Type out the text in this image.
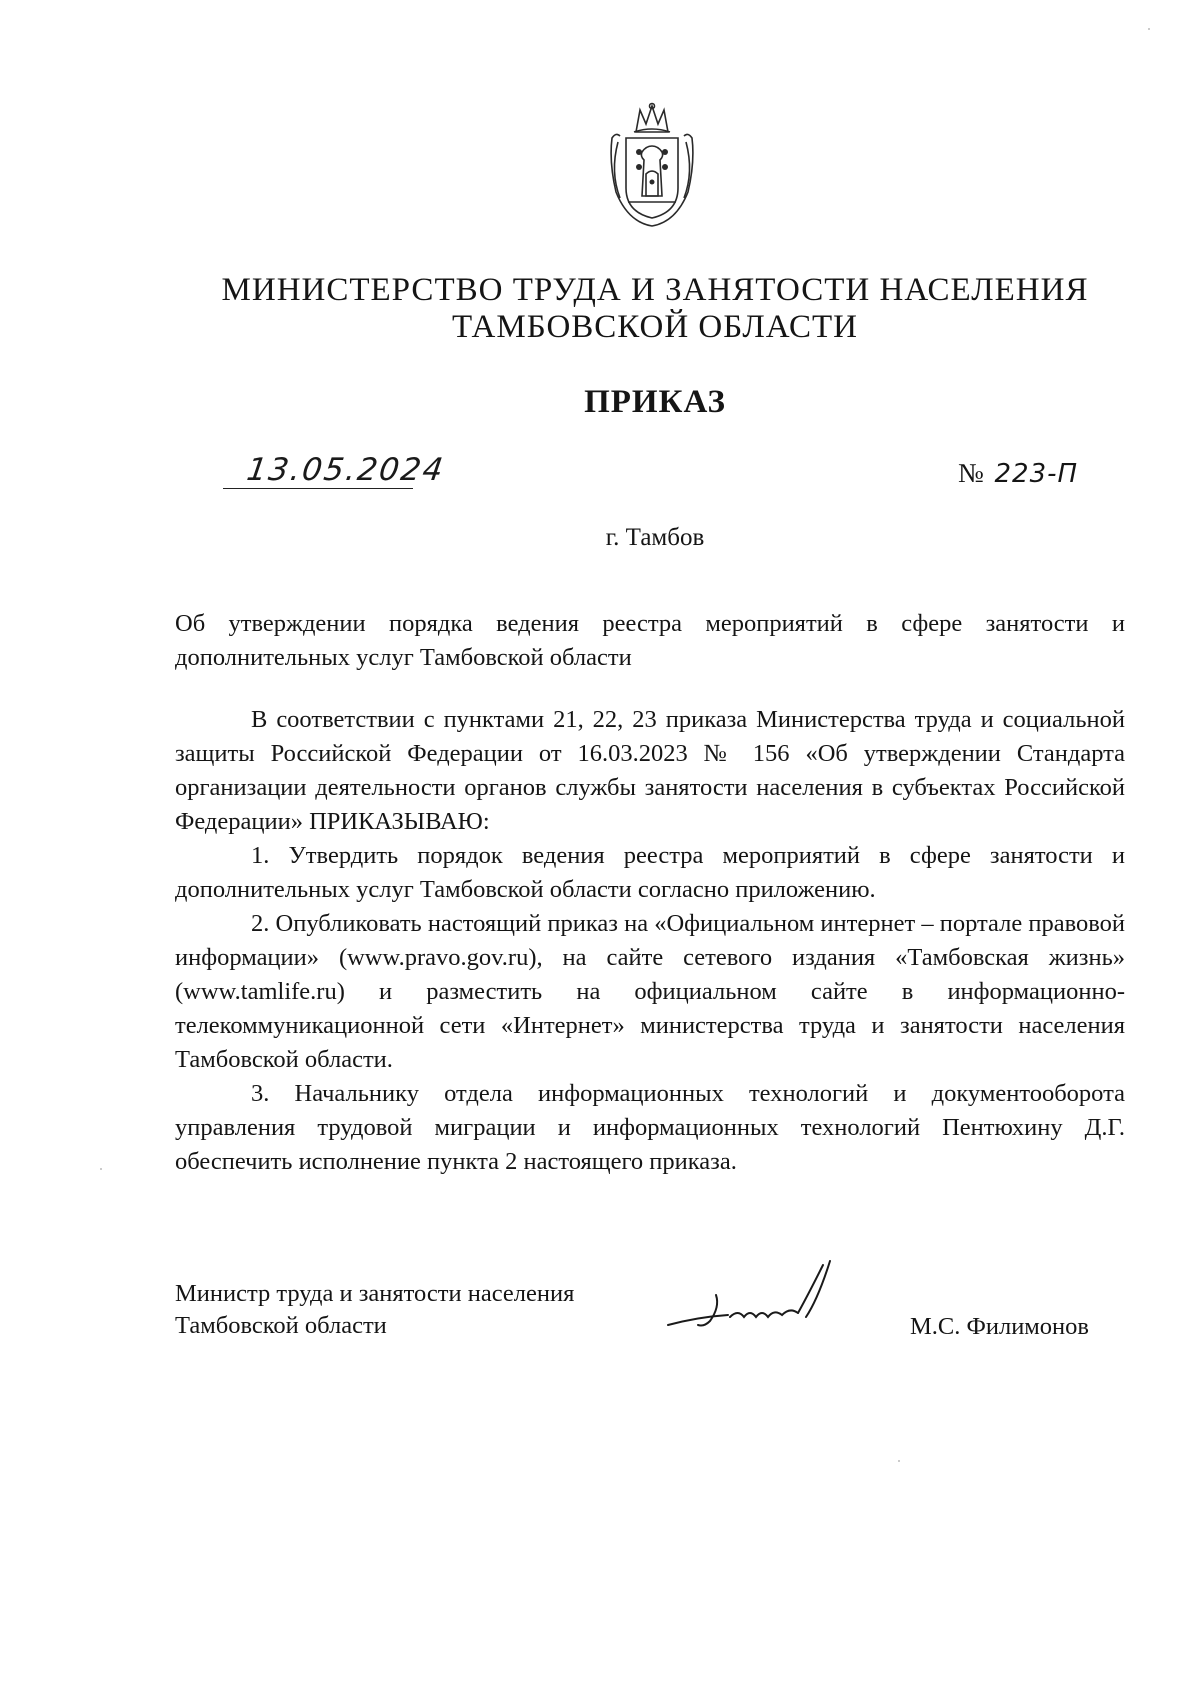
МИНИСТЕРСТВО ТРУДА И ЗАНЯТОСТИ НАСЕЛЕНИЯ
ТАМБОВСКОЙ ОБЛАСТИ
ПРИКАЗ
13.05.2024	№ 223-П
г. Тамбов
Об утверждении порядка ведения реестра мероприятий в сфере занятости и дополнительных услуг Тамбовской области

В соответствии с пунктами 21, 22, 23 приказа Министерства труда и социальной защиты Российской Федерации от 16.03.2023 № 156 «Об утверждении Стандарта организации деятельности органов службы занятости населения в субъектах Российской Федерации» ПРИКАЗЫВАЮ:

1. Утвердить порядок ведения реестра мероприятий в сфере занятости и дополнительных услуг Тамбовской области согласно приложению.

2. Опубликовать настоящий приказ на «Официальном интернет – портале правовой информации» (www.pravo.gov.ru), на сайте сетевого издания «Тамбовская жизнь» (www.tamlife.ru) и разместить на официальном сайте в информационно-телекоммуникационной сети «Интернет» министерства труда и занятости населения Тамбовской области.

3. Начальнику отдела информационных технологий и документооборота управления трудовой миграции и информационных технологий Пентюхину Д.Г. обеспечить исполнение пункта 2 настоящего приказа.

Министр труда и занятости населения
Тамбовской области	М.С. Филимонов
